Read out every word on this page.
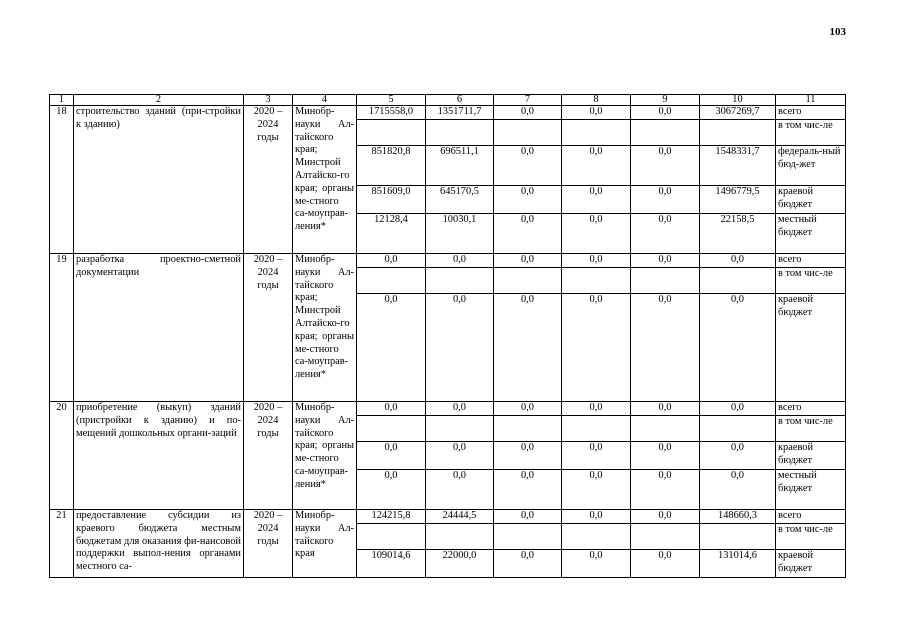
103
1	2	3	4	5	6	7	8	9	10	11
18	строительство зданий (при-стройки к зданию)	2020 – 2024 годы	Минобр-науки Ал-тайского края; Минстрой Алтайско-го края; органы ме-стного са-моуправ-ления*	1715558,0	1351711,7	0,0	0,0	0,0	3067269,7	всего
										в том чис-ле
				851820,8	696511,1	0,0	0,0	0,0	1548331,7	федераль-ный бюд-жет
				851609,0	645170,5	0,0	0,0	0,0	1496779,5	краевой бюджет
				12128,4	10030,1	0,0	0,0	0,0	22158,5	местный бюджет
19	разработка проектно-сметной документации	2020 – 2024 годы	Минобр-науки Ал-тайского края; Минстрой Алтайско-го края; органы ме-стного са-моуправ-ления*	0,0	0,0	0,0	0,0	0,0	0,0	всего
										в том чис-ле
				0,0	0,0	0,0	0,0	0,0	0,0	краевой бюджет
20	приобретение (выкуп) зданий (пристройки к зданию) и по-мещений дошкольных органи-заций	2020 – 2024 годы	Минобр-науки Ал-тайского края; органы ме-стного са-моуправ-ления*	0,0	0,0	0,0	0,0	0,0	0,0	всего
										в том чис-ле
				0,0	0,0	0,0	0,0	0,0	0,0	краевой бюджет
				0,0	0,0	0,0	0,0	0,0	0,0	местный бюджет
21	предоставление субсидии из краевого бюджета местным бюджетам для оказания фи-нансовой поддержки выпол-нения органами местного са-	2020 – 2024 годы	Минобр-науки Ал-тайского края	124215,8	24444,5	0,0	0,0	0,0	148660,3	всего
										в том чис-ле
				109014,6	22000,0	0,0	0,0	0,0	131014,6	краевой бюджет
